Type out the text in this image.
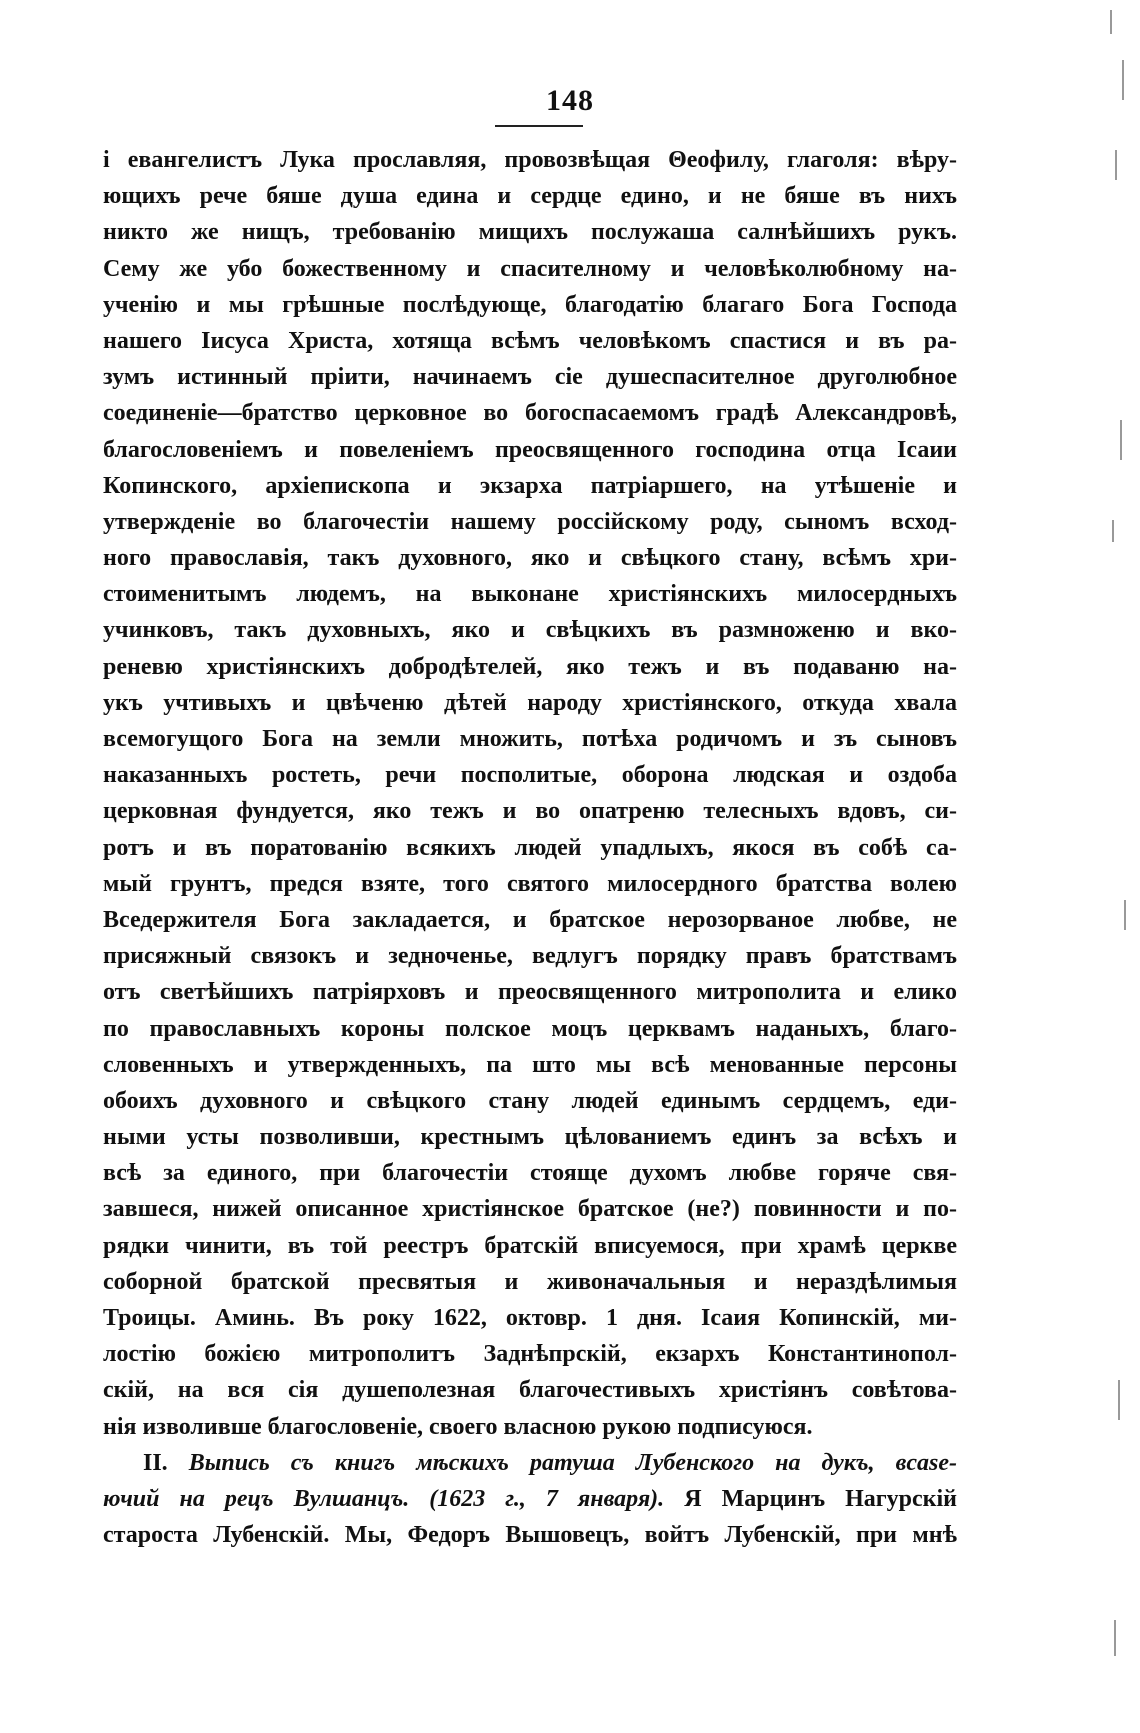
148
і евангелистъ Лука прославляя, провозвѣщая Θеофилу, глаголя: вѣру-
ющихъ рече бяше душа едина и сердце едино, и не бяше въ нихъ
никто же нищъ, требованію мищихъ послужаша салнѣйшихъ рукъ.
Сему же убо божественному и спасителному и человѣколюбному на-
ученію и мы грѣшные послѣдующе, благодатію благаго Бога Господа
нашего Іисуса Христа, хотяща всѣмъ человѣкомъ спастися и въ ра-
зумъ истинный пріити, начинаемъ сіе душеспасителное друголюбное
соединеніе—братство церковное во богоспасаемомъ градѣ Александровѣ,
благословеніемъ и повеленіемъ преосвященного господина отца Ісаии
Копинского, архіепископа и экзарха патріаршего, на утѣшеніе и
утвержденіе во благочестіи нашему россійскому роду, сыномъ всход-
ного православія, такъ духовного, яко и свѣцкого стану, всѣмъ хри-
стоименитымъ людемъ, на выконане христіянскихъ милосердныхъ
учинковъ, такъ духовныхъ, яко и свѣцкихъ въ размноженю и вко-
реневю христіянскихъ добродѣтелей, яко тежъ и въ подаваню на-
укъ учтивыхъ и цвѣченю дѣтей народу христіянского, откуда хвала
всемогущого Бога на земли множить, потѣха родичомъ и зъ сыновъ
наказанныхъ ростеть, речи посполитые, оборона людская и оздоба
церковная фундуется, яко тежъ и во опатреню телесныхъ вдовъ, си-
ротъ и въ поратованію всякихъ людей упадлыхъ, якося въ собѣ са-
мый грунтъ, предся взяте, того святого милосердного братства волею
Вседержителя Бога закладается, и братское нерозорваное любве, не
присяжный связокъ и зедноченье, ведлугъ порядку правъ братствамъ
отъ светѣйшихъ патріярховъ и преосвященного митрополита и елико
по православныхъ короны полское моцъ церквамъ наданыхъ, благо-
словенныхъ и утвержденныхъ, па што мы всѣ менованные персоны
обоихъ духовного и свѣцкого стану людей единымъ сердцемъ, еди-
ными усты позволивши, крестнымъ цѣлованиемъ единъ за всѣхъ и
всѣ за единого, при благочестіи стояще духомъ любве горяче свя-
завшеся, нижей описанное христіянское братское (не?) повинности и по-
рядки чинити, въ той реестръ братскій вписуемося, при храмѣ церкве
соборной братской пресвятыя и живоначальныя и нераздѣлимыя
Троицы. Аминь. Въ року 1622, октовр. 1 дня. Ісаия Копинскій, ми-
лостію божією митрополитъ Заднѣпрскій, екзархъ Константинопол-
скій, на вся сія душеполезная благочестивыхъ христіянъ совѣтова-
нія изволивше благословеніе, своего власною рукою подписуюся.
II. Выпись съ книгъ мѣскихъ ратуша Лубенского на дукъ, вcase-
ючий на рецъ Вулшанцъ. (1623 г., 7 января). Я Марцинъ Нагурскій
староста Лубенскій. Мы, Федоръ Вышовецъ, войтъ Лубенскій, при мнѣ
